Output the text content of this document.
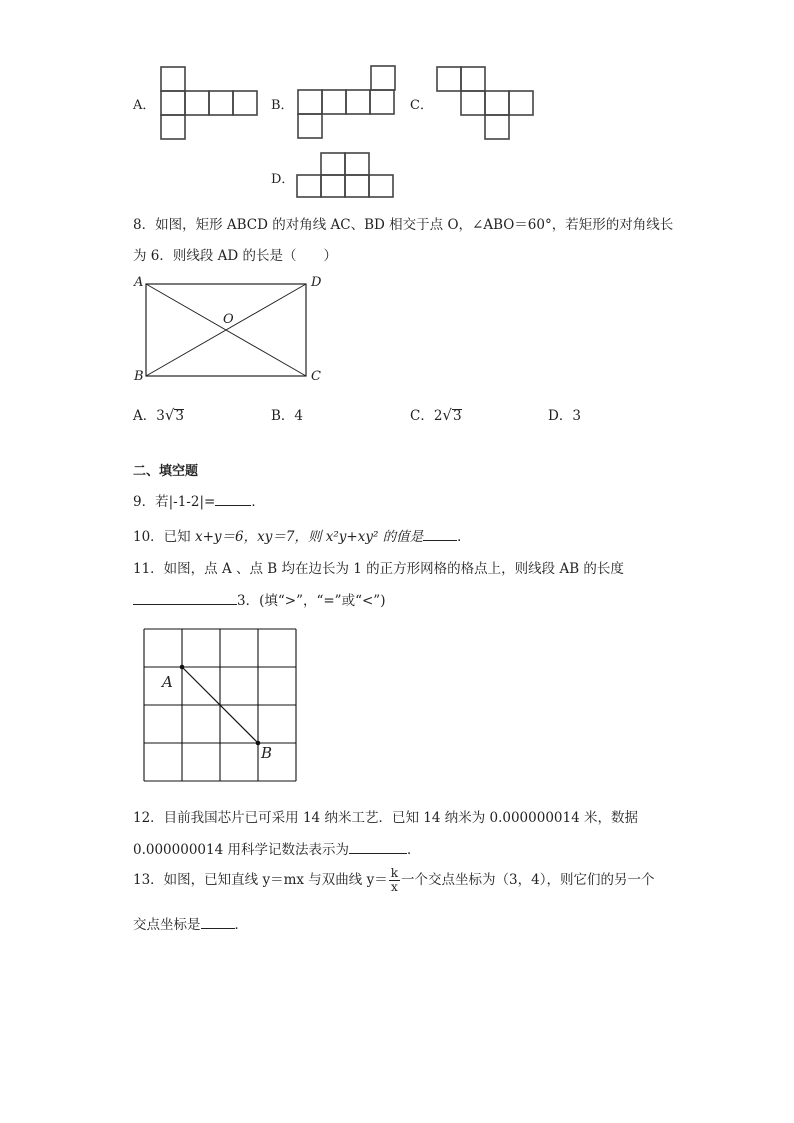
A．	B．	C．
D．
8．如图，矩形 ABCD 的对角线 AC、BD 相交于点 O，∠ABO＝60°，若矩形的对角线长
为 6．则线段 AD 的长是（　　）
A	D
B	C
O
A．3√3	B．4	C．2√3	D．3
二、填空题
9．若|-1-2|=	．
10．已知 x+y＝6，xy＝7，则 x²y+xy² 的值是	．
11．如图，点 A 、点 B 均在边长为 1 的正方形网格的格点上，则线段 AB 的长度
3．(填“>”，“=”或“<”)
A
B
12．目前我国芯片已可采用 14 纳米工艺．已知 14 纳米为 0.000000014 米，数据
0.000000014 用科学记数法表示为	．
13．如图，已知直线 y＝mx 与双曲线 $y= \frac{k}{x}$ 一个交点坐标为（3，4），则它们的另一个
交点坐标是	．
